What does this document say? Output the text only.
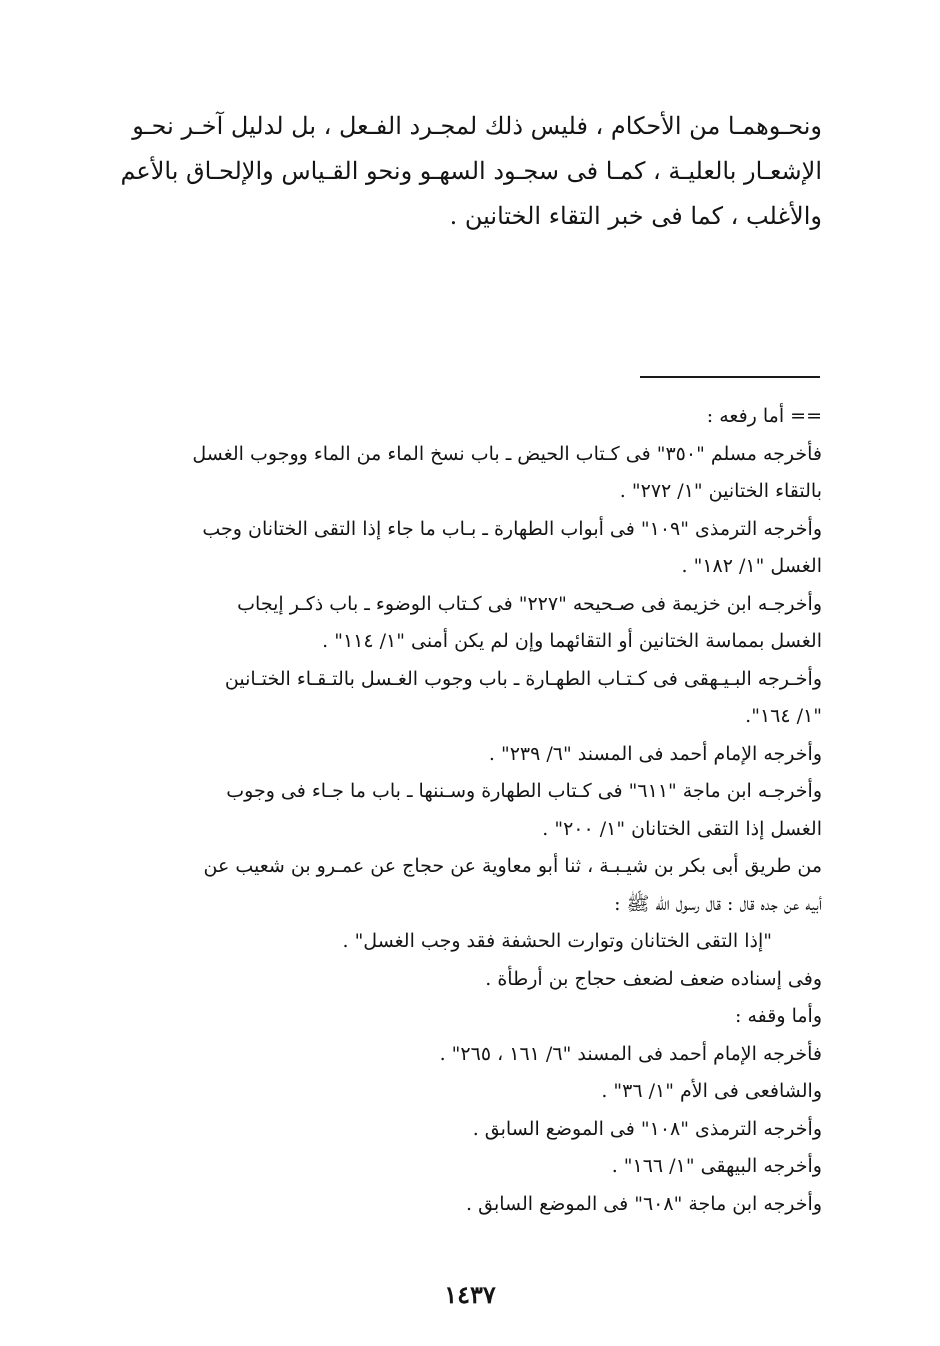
ونحـوهمـا من الأحكام ، فليس ذلك لمجـرد الفـعل ، بل لدليل آخـر نحـو

الإشعـار بالعليـة ، كمـا فى سجـود السهـو ونحو القـياس والإلحـاق بالأعم

والأغلب ، كما فى خبر التقاء الختانين .

== أما رفعه :

فأخرجه مسلم "٣٥٠" فى كـتاب الحيض ـ باب نسخ الماء من الماء ووجوب الغسل

بالتقاء الختانين "١/ ٢٧٢" .

وأخرجه الترمذى "١٠٩" فى أبواب الطهارة ـ بـاب ما جاء إذا التقى الختانان وجب

الغسل "١/ ١٨٢" .

وأخرجـه ابن خزيمة فى صـحيحه "٢٢٧" فى كـتاب الوضوء ـ باب ذكـر إيجاب

الغسل بمماسة الختانين أو التقائهما وإن لم يكن أمنى "١/ ١١٤" .

وأخـرجه البـيـهقى فى كـتـاب الطهـارة ـ باب وجوب الغـسل بالتـقـاء الختـانين

"١/ ١٦٤".

وأخرجه الإمام أحمد فى المسند "٦/ ٢٣٩" .

وأخرجـه ابن ماجة "٦١١" فى كـتاب الطهارة وسـننها ـ باب ما جـاء فى وجوب

الغسل إذا التقى الختانان "١/ ٢٠٠" .

من طريق أبى بكر بن شيـبـة ، ثنا أبو معاوية عن حجاج عن عمـرو بن شعيب عن

أبيه عن جده قال : قال رسول الله ﷺ :

"إذا التقى الختانان وتوارت الحشفة فقد وجب الغسل" .

وفى إسناده ضعف لضعف حجاج بن أرطأة .

وأما وقفه :

فأخرجه الإمام أحمد فى المسند "٦/ ١٦١ ، ٢٦٥" .

والشافعى فى الأم "١/ ٣٦" .

وأخرجه الترمذى "١٠٨" فى الموضع السابق .

وأخرجه البيهقى "١/ ١٦٦" .

وأخرجه ابن ماجة "٦٠٨" فى الموضع السابق .

١٤٣٧
